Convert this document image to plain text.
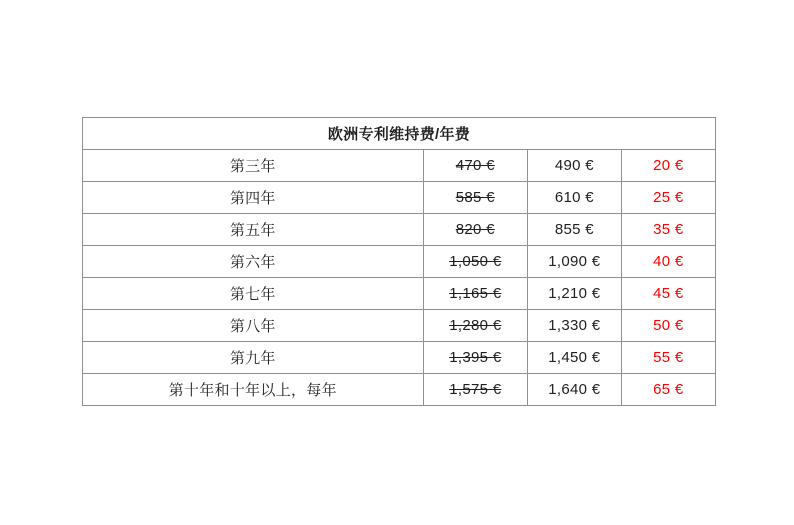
欧洲专利维持费/年费			
第三年	470 €	490 €	20 €
第四年	585 €	610 €	25 €
第五年	820 €	855 €	35 €
第六年	1,050 €	1,090 €	40 €
第七年	1,165 €	1,210 €	45 €
第八年	1,280 €	1,330 €	50 €
第九年	1,395 €	1,450 €	55 €
第十年和十年以上，每年	1,575 €	1,640 €	65 €
